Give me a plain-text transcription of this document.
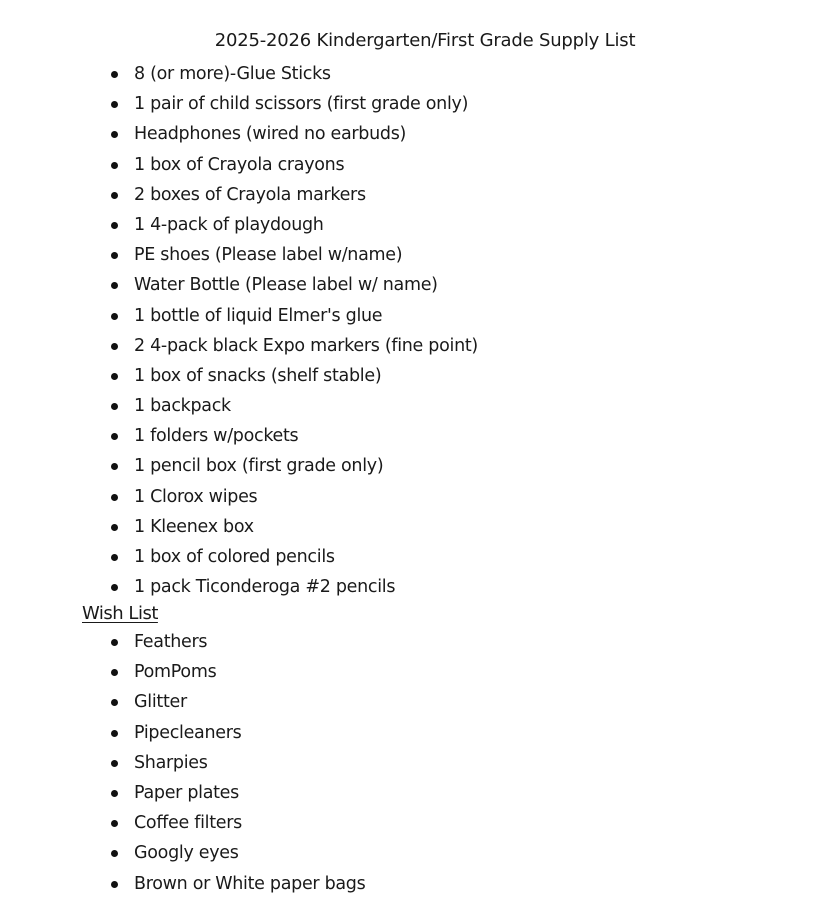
2025-2026 Kindergarten/First Grade Supply List
8 (or more)-Glue Sticks
1 pair of child scissors (first grade only)
Headphones (wired no earbuds)
1 box of Crayola crayons
2 boxes of Crayola markers
1 4-pack of playdough
PE shoes (Please label w/name)
Water Bottle (Please label w/ name)
1 bottle of liquid Elmer's glue
2 4-pack black Expo markers (fine point)
1 box of snacks (shelf stable)
1 backpack
1 folders w/pockets
1 pencil box (first grade only)
1 Clorox wipes
1 Kleenex box
1 box of colored pencils
1 pack Ticonderoga #2 pencils
Wish List
Feathers
PomPoms
Glitter
Pipecleaners
Sharpies
Paper plates
Coffee filters
Googly eyes
Brown or White paper bags
